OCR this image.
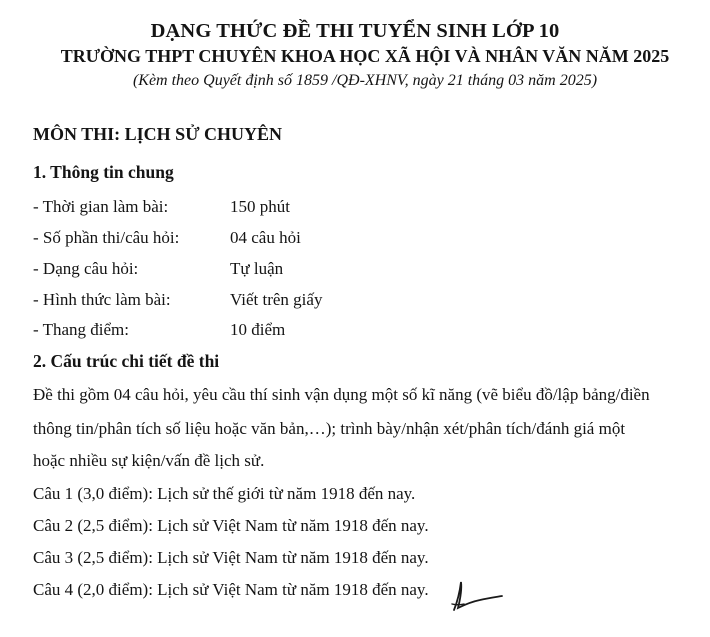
DẠNG THỨC ĐỀ THI TUYỂN SINH LỚP 10
TRƯỜNG THPT CHUYÊN KHOA HỌC XÃ HỘI VÀ NHÂN VĂN NĂM 2025
(Kèm theo Quyết định số 1859 /QĐ-XHNV, ngày 21 tháng 03 năm 2025)
MÔN THI: LỊCH SỬ CHUYÊN
1. Thông tin chung
- Thời gian làm bài:	150 phút
- Số phần thi/câu hỏi:	04 câu hỏi
- Dạng câu hỏi:	Tự luận
- Hình thức làm bài:	Viết trên giấy
- Thang điểm:	10 điểm
2. Cấu trúc chi tiết đề thi
Đề thi gồm 04 câu hỏi, yêu cầu thí sinh vận dụng một số kĩ năng (vẽ biểu đồ/lập bảng/điền
thông tin/phân tích số liệu hoặc văn bản,…); trình bày/nhận xét/phân tích/đánh giá một
hoặc nhiều sự kiện/vấn đề lịch sử.
Câu 1 (3,0 điểm): Lịch sử thế giới từ năm 1918 đến nay.
Câu 2 (2,5 điểm): Lịch sử Việt Nam từ năm 1918 đến nay.
Câu 3 (2,5 điểm): Lịch sử Việt Nam từ năm 1918 đến nay.
Câu 4 (2,0 điểm): Lịch sử Việt Nam từ năm 1918 đến nay.
